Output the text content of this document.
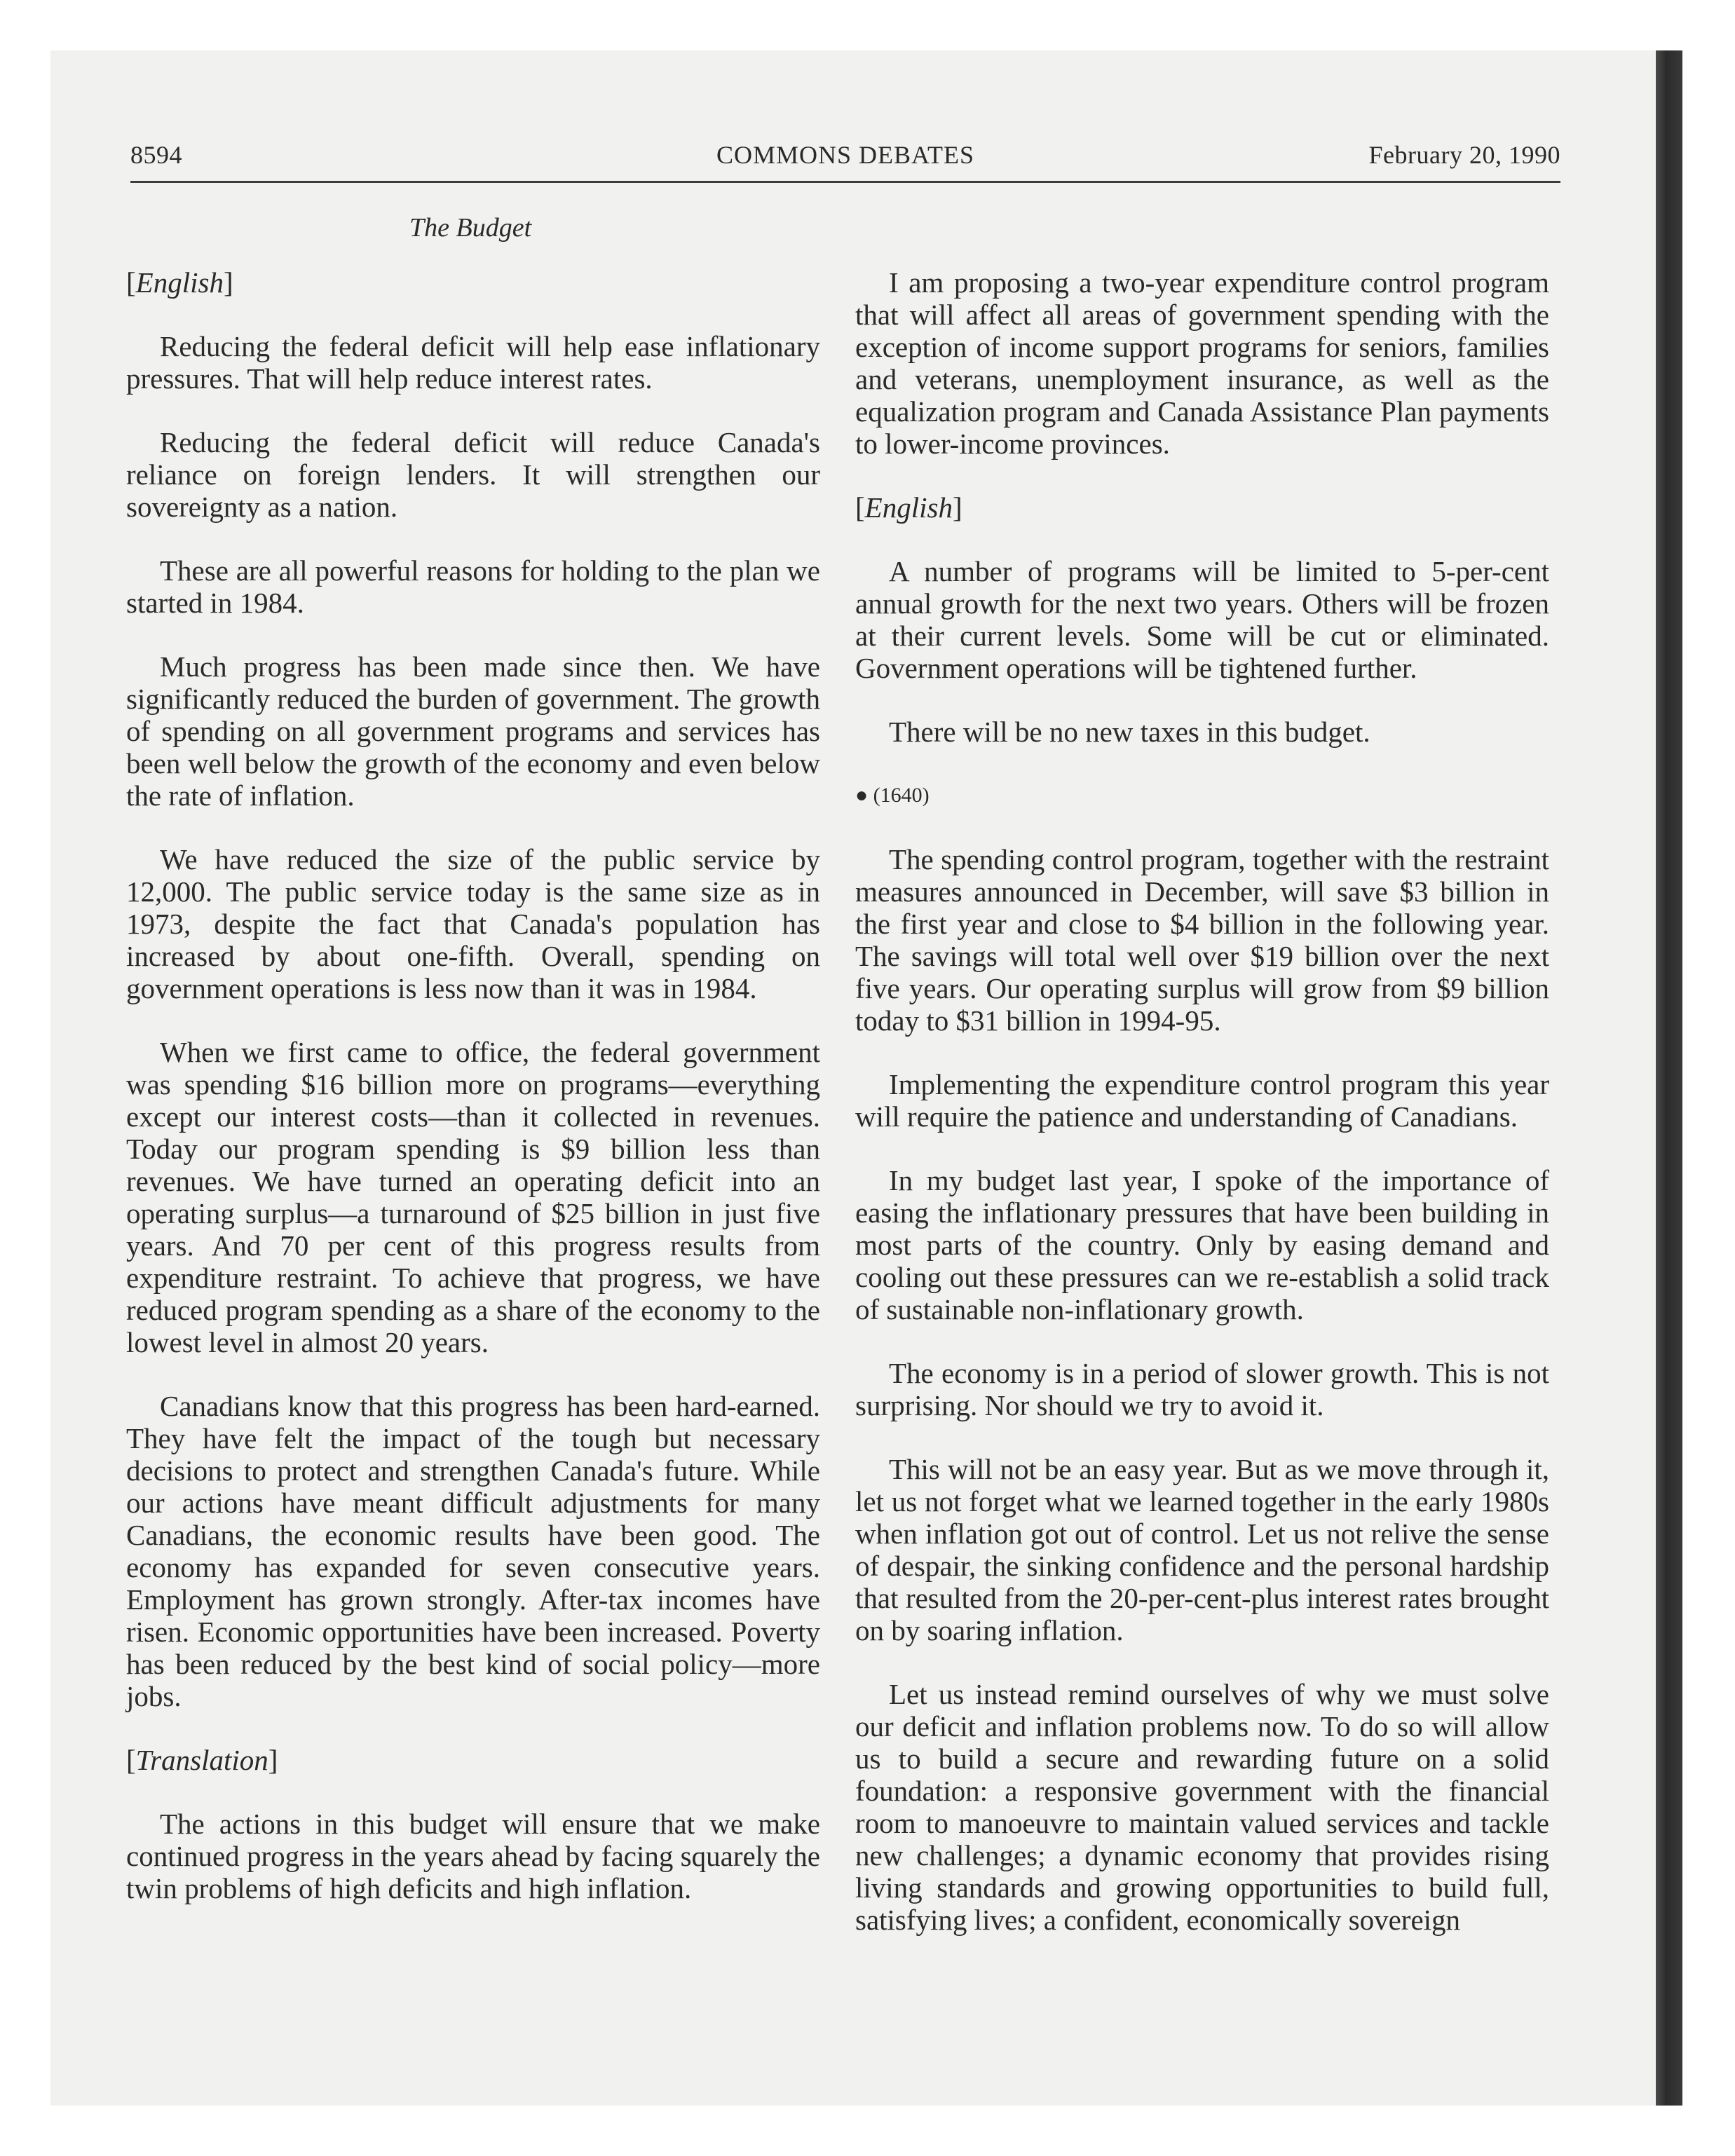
8594	COMMONS DEBATES	February 20, 1990
The Budget

[English]

Reducing the federal deficit will help ease inflationary pressures. That will help reduce interest rates.

Reducing the federal deficit will reduce Canada's reliance on foreign lenders. It will strengthen our sovereignty as a nation.

These are all powerful reasons for holding to the plan we started in 1984.

Much progress has been made since then. We have significantly reduced the burden of government. The growth of spending on all government programs and services has been well below the growth of the economy and even below the rate of inflation.

We have reduced the size of the public service by 12,000. The public service today is the same size as in 1973, despite the fact that Canada's population has increased by about one-fifth. Overall, spending on government operations is less now than it was in 1984.

When we first came to office, the federal government was spending $16 billion more on programs—everything except our interest costs—than it collected in revenues. Today our program spending is $9 billion less than revenues. We have turned an operating deficit into an operating surplus—a turnaround of $25 billion in just five years. And 70 per cent of this progress results from expenditure restraint. To achieve that progress, we have reduced program spending as a share of the economy to the lowest level in almost 20 years.

Canadians know that this progress has been hard-earned. They have felt the impact of the tough but necessary decisions to protect and strengthen Canada's future. While our actions have meant difficult adjustments for many Canadians, the economic results have been good. The economy has expanded for seven consecutive years. Employment has grown strongly. After-tax incomes have risen. Economic opportunities have been increased. Poverty has been reduced by the best kind of social policy—more jobs.

[Translation]

The actions in this budget will ensure that we make continued progress in the years ahead by facing squarely the twin problems of high deficits and high inflation.

I am proposing a two-year expenditure control program that will affect all areas of government spending with the exception of income support programs for seniors, families and veterans, unemployment insurance, as well as the equalization program and Canada Assistance Plan payments to lower-income provinces.

[English]

A number of programs will be limited to 5-per-cent annual growth for the next two years. Others will be frozen at their current levels. Some will be cut or eliminated. Government operations will be tightened further.

There will be no new taxes in this budget.

● (1640)

The spending control program, together with the restraint measures announced in December, will save $3 billion in the first year and close to $4 billion in the following year. The savings will total well over $19 billion over the next five years. Our operating surplus will grow from $9 billion today to $31 billion in 1994-95.

Implementing the expenditure control program this year will require the patience and understanding of Canadians.

In my budget last year, I spoke of the importance of easing the inflationary pressures that have been building in most parts of the country. Only by easing demand and cooling out these pressures can we re-establish a solid track of sustainable non-inflationary growth.

The economy is in a period of slower growth. This is not surprising. Nor should we try to avoid it.

This will not be an easy year. But as we move through it, let us not forget what we learned together in the early 1980s when inflation got out of control. Let us not relive the sense of despair, the sinking confidence and the personal hardship that resulted from the 20-per-cent-plus interest rates brought on by soaring inflation.

Let us instead remind ourselves of why we must solve our deficit and inflation problems now. To do so will allow us to build a secure and rewarding future on a solid foundation: a responsive government with the financial room to manoeuvre to maintain valued services and tackle new challenges; a dynamic economy that provides rising living standards and growing opportunities to build full, satisfying lives; a confident, economically sovereign
